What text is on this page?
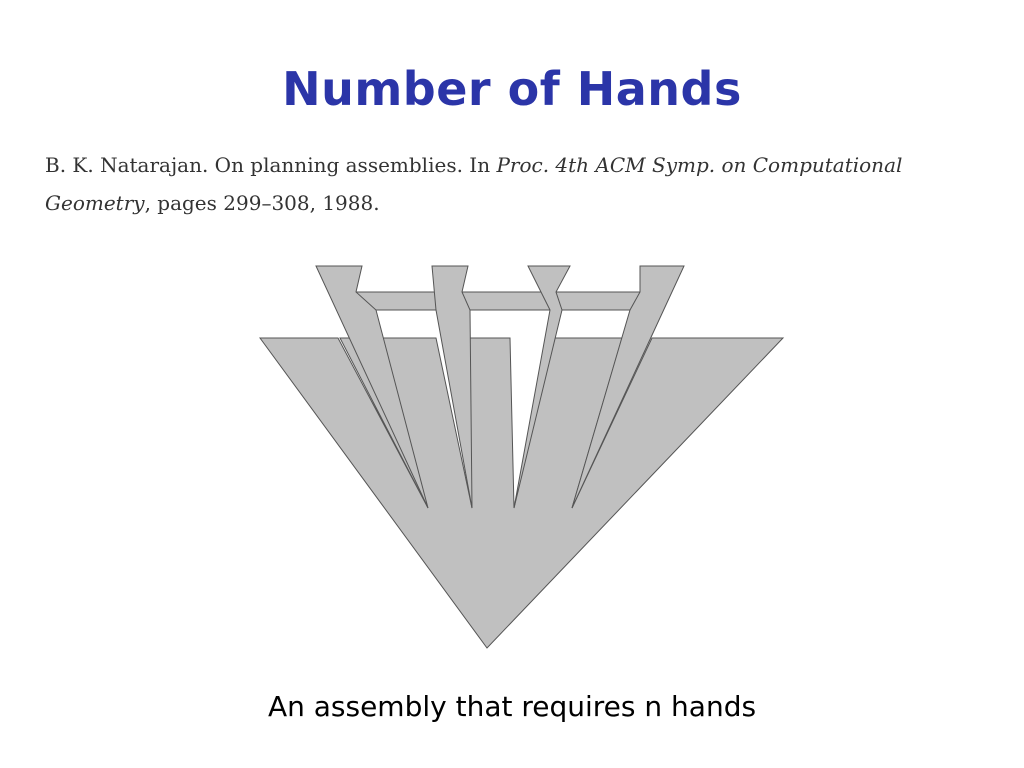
Number of Hands
B. K. Natarajan. On planning assemblies. In Proc. 4th ACM Symp. on Computational
Geometry, pages 299–308, 1988.
An assembly that requires n hands
